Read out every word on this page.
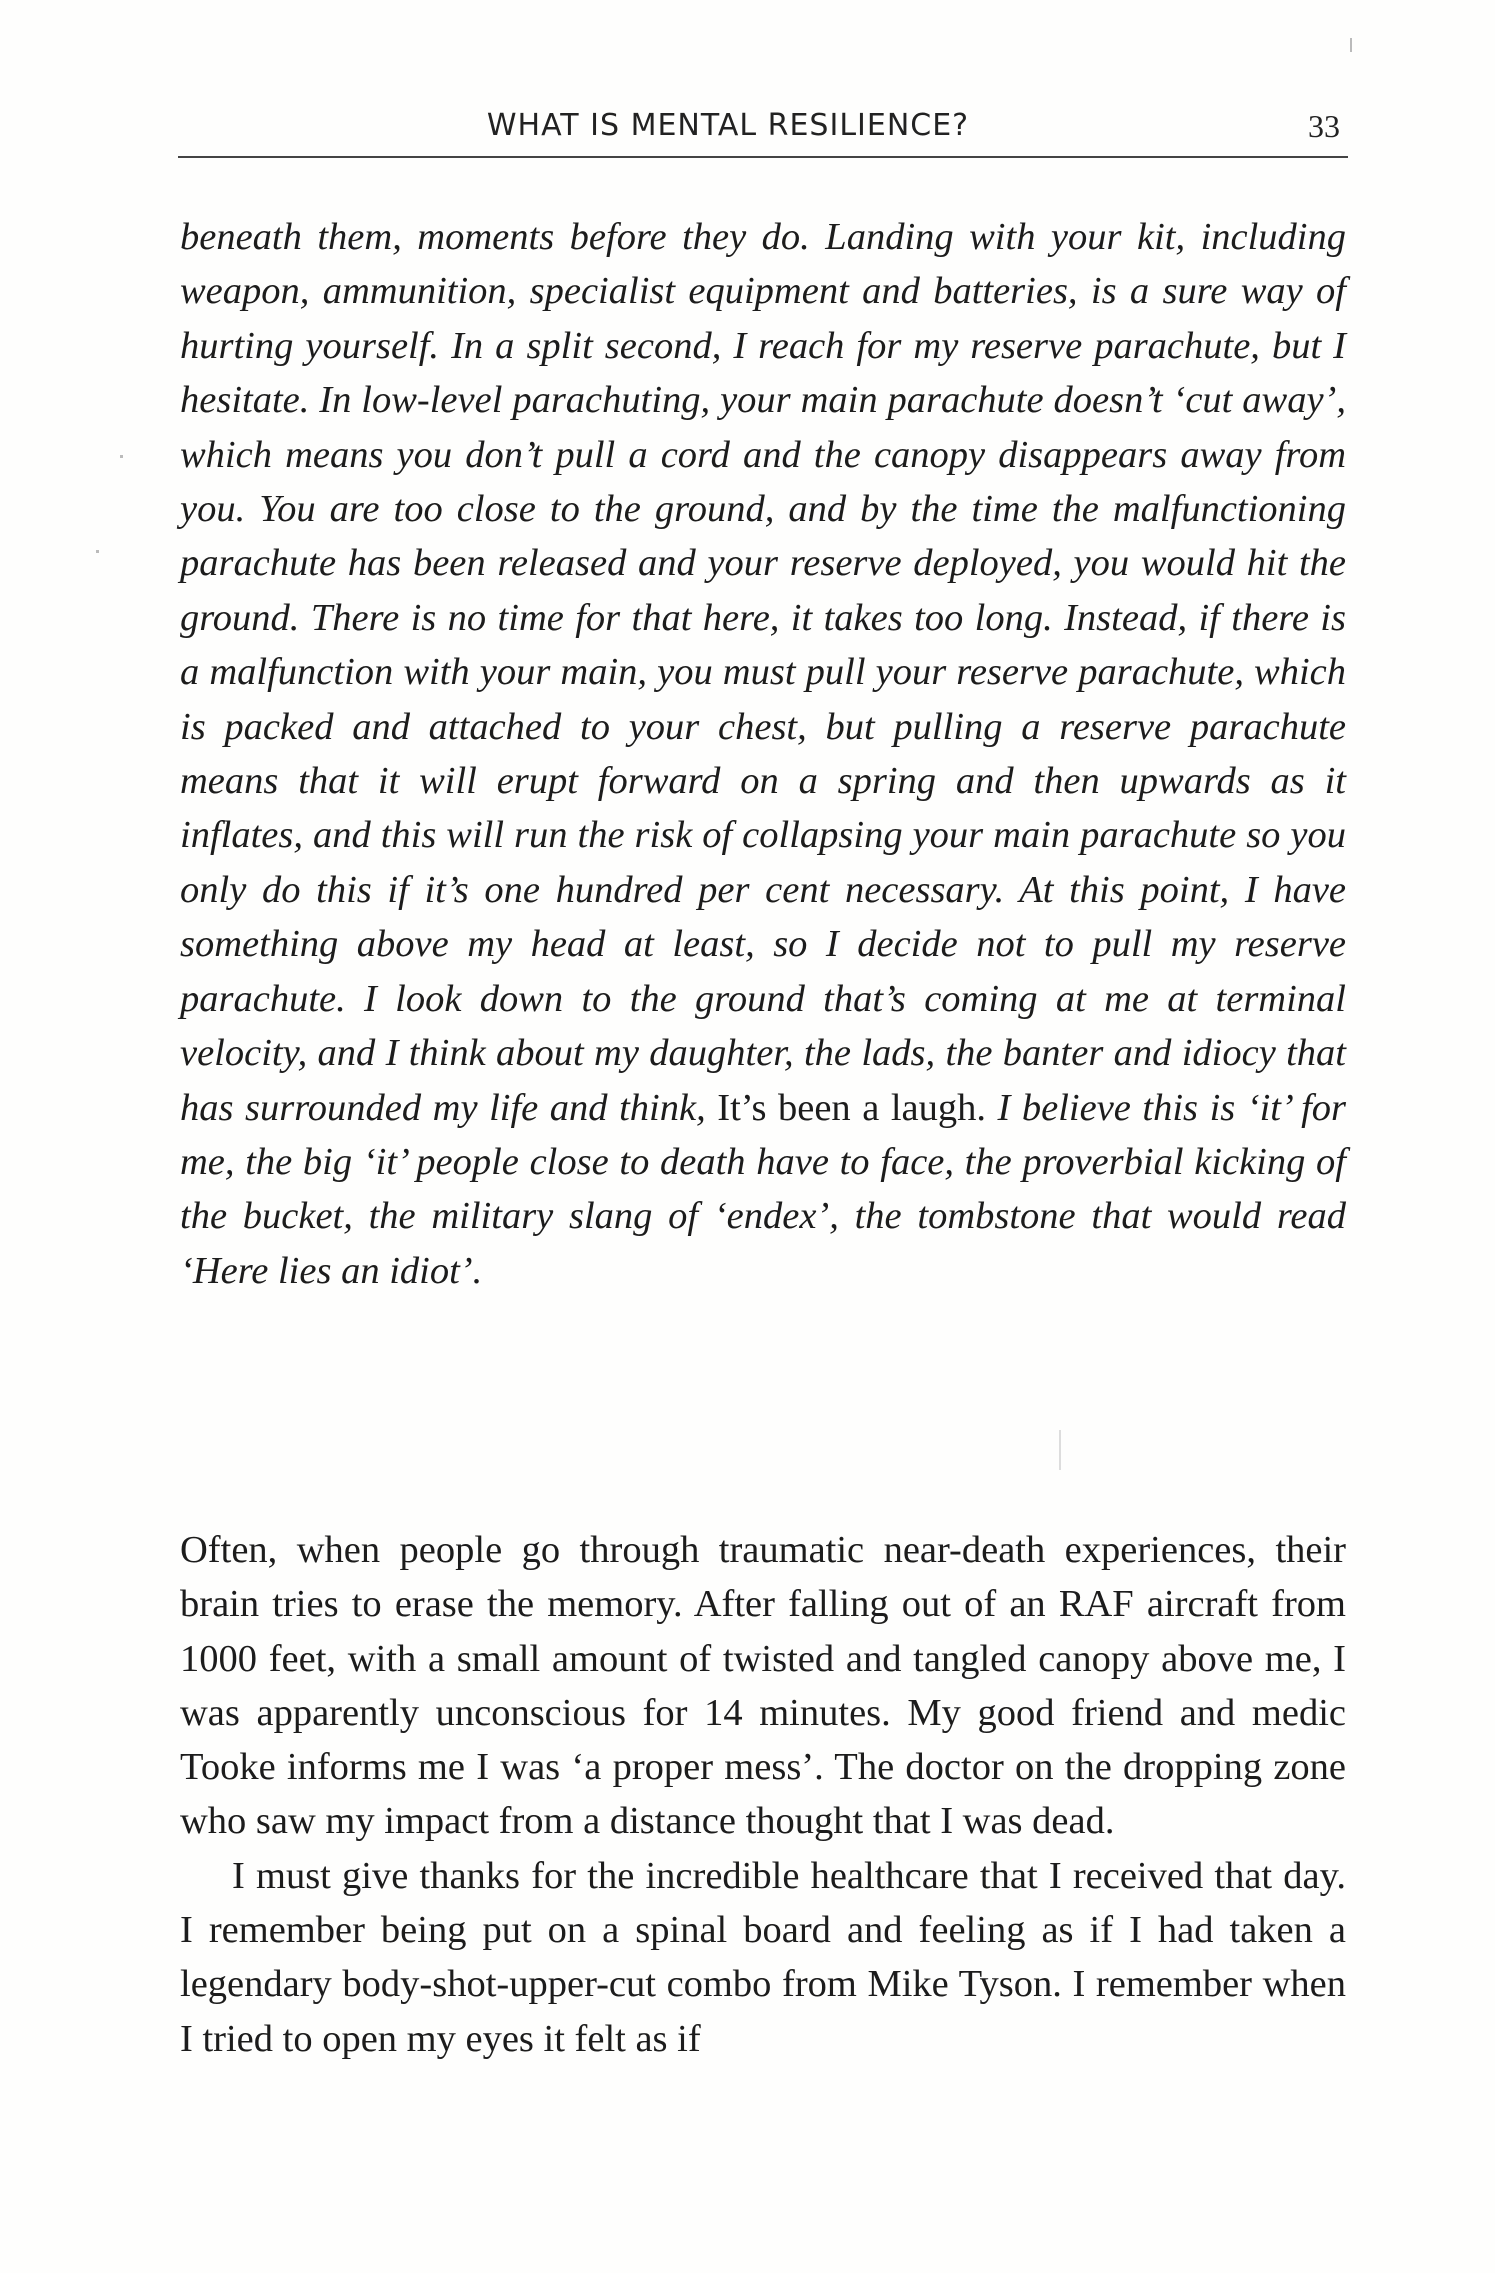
WHAT IS MENTAL RESILIENCE?	33

beneath them, moments before they do. Landing with your kit, including weapon, ammunition, specialist equipment and batteries, is a sure way of hurting yourself. In a split second, I reach for my reserve parachute, but I hesitate. In low-level parachuting, your main parachute doesn’t ‘cut away’, which means you don’t pull a cord and the canopy disappears away from you. You are too close to the ground, and by the time the malfunctioning parachute has been released and your reserve deployed, you would hit the ground. There is no time for that here, it takes too long. Instead, if there is a malfunction with your main, you must pull your reserve parachute, which is packed and attached to your chest, but pulling a reserve parachute means that it will erupt forward on a spring and then upwards as it inflates, and this will run the risk of collapsing your main parachute so you only do this if it’s one hundred per cent necessary. At this point, I have something above my head at least, so I decide not to pull my reserve parachute. I look down to the ground that’s coming at me at terminal velocity, and I think about my daughter, the lads, the banter and idiocy that has surrounded my life and think, It’s been a laugh. I believe this is ‘it’ for me, the big ‘it’ people close to death have to face, the proverbial kicking of the bucket, the military slang of ‘endex’, the tombstone that would read ‘Here lies an idiot’.

Often, when people go through traumatic near-death experiences, their brain tries to erase the memory. After falling out of an RAF aircraft from 1000 feet, with a small amount of twisted and tangled canopy above me, I was apparently unconscious for 14 minutes. My good friend and medic Tooke informs me I was ‘a proper mess’. The doctor on the dropping zone who saw my impact from a distance thought that I was dead.

I must give thanks for the incredible healthcare that I received that day. I remember being put on a spinal board and feeling as if I had taken a legendary body-shot-upper-cut combo from Mike Tyson. I remember when I tried to open my eyes it felt as if
